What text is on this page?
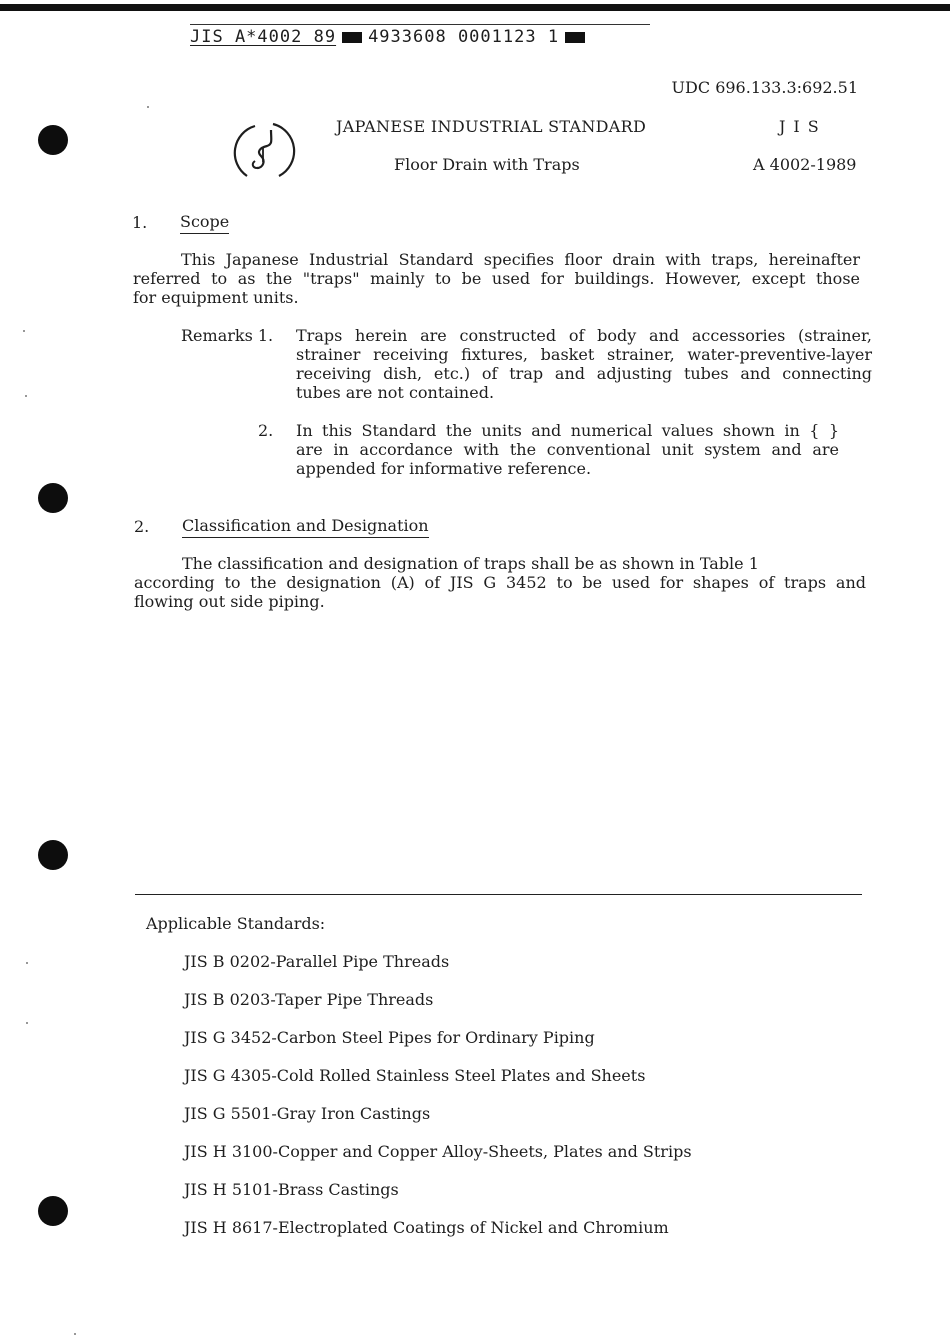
JIS A*4002 89 4933608 0001123 1
UDC 696.133.3:692.51
JAPANESE INDUSTRIAL STANDARD	JIS
Floor Drain with Traps	A 4002-1989
1. Scope
This Japanese Industrial Standard specifies floor drain with traps, hereinafter
referred to as the "traps" mainly to be used for buildings. However, except those
for equipment units.
Remarks 1. Traps herein are constructed of body and accessories (strainer,
strainer receiving fixtures, basket strainer, water-preventive-layer
receiving dish, etc.) of trap and adjusting tubes and connecting
tubes are not contained.
2. In this Standard the units and numerical values shown in { }
are in accordance with the conventional unit system and are
appended for informative reference.
2. Classification and Designation
The classification and designation of traps shall be as shown in Table 1
according to the designation (A) of JIS G 3452 to be used for shapes of traps and
flowing out side piping.
Applicable Standards:
JIS B 0202-Parallel Pipe Threads
JIS B 0203-Taper Pipe Threads
JIS G 3452-Carbon Steel Pipes for Ordinary Piping
JIS G 4305-Cold Rolled Stainless Steel Plates and Sheets
JIS G 5501-Gray Iron Castings
JIS H 3100-Copper and Copper Alloy-Sheets, Plates and Strips
JIS H 5101-Brass Castings
JIS H 8617-Electroplated Coatings of Nickel and Chromium
